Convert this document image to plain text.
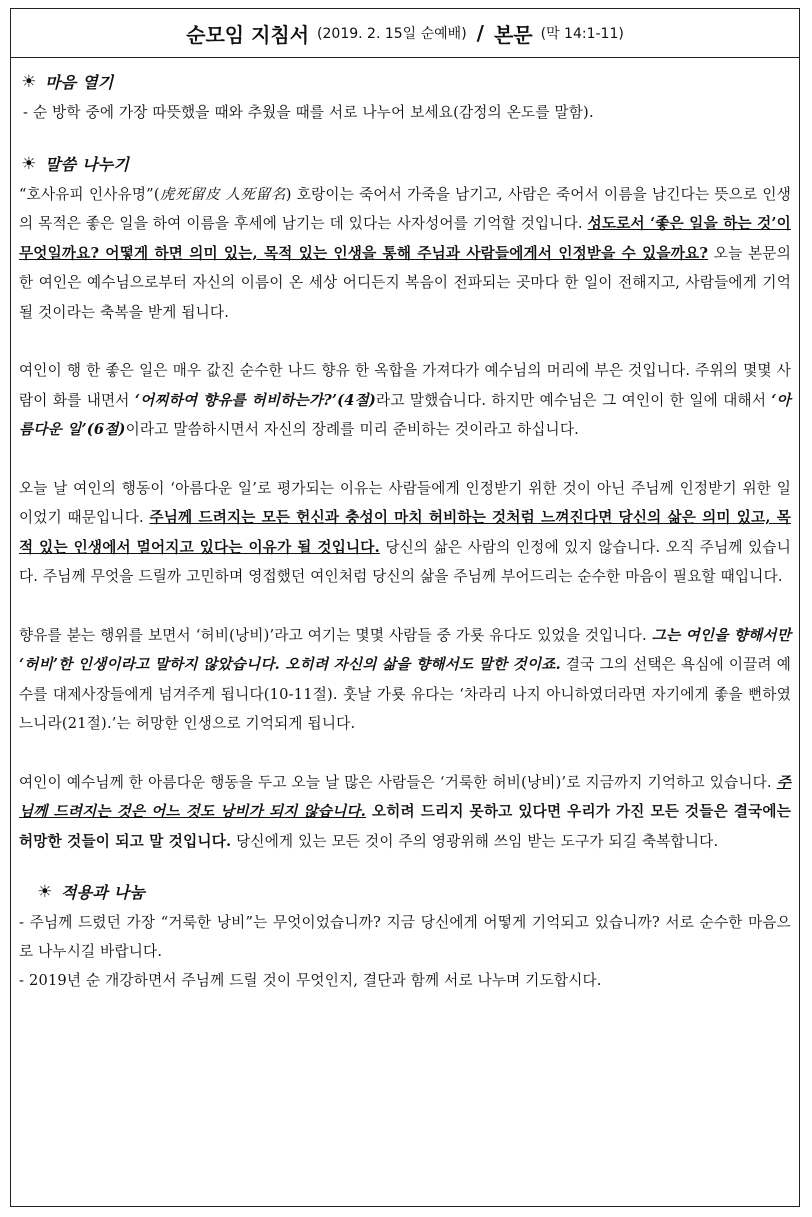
순모임 지침서 (2019. 2. 15일 순예배) / 본문 (막 14:1-11)
☀ 마음 열기

- 순 방학 중에 가장 따뜻했을 때와 추웠을 때를 서로 나누어 보세요(감정의 온도를 말함).

☀ 말씀 나누기

“호사유피 인사유명”(虎死留皮 人死留名) 호랑이는 죽어서 가죽을 남기고, 사람은 죽어서 이름을 남긴다는 뜻으로 인생의 목적은 좋은 일을 하여 이름을 후세에 남기는 데 있다는 사자성어를 기억할 것입니다. 성도로서 ‘좋은 일을 하는 것’이 무엇일까요? 어떻게 하면 의미 있는, 목적 있는 인생을 통해 주님과 사람들에게서 인정받을 수 있을까요? 오늘 본문의 한 여인은 예수님으로부터 자신의 이름이 온 세상 어디든지 복음이 전파되는 곳마다 한 일이 전해지고, 사람들에게 기억 될 것이라는 축복을 받게 됩니다.

여인이 행 한 좋은 일은 매우 값진 순수한 나드 향유 한 옥합을 가져다가 예수님의 머리에 부은 것입니다. 주위의 몇몇 사람이 화를 내면서 ‘어찌하여 향유를 허비하는가?’(4절)라고 말했습니다. 하지만 예수님은 그 여인이 한 일에 대해서 ‘아름다운 일’(6절)이라고 말씀하시면서 자신의 장례를 미리 준비하는 것이라고 하십니다.

오늘 날 여인의 행동이 ‘아름다운 일’로 평가되는 이유는 사람들에게 인정받기 위한 것이 아닌 주님께 인정받기 위한 일이었기 때문입니다. 주님께 드려지는 모든 헌신과 충성이 마치 허비하는 것처럼 느껴진다면 당신의 삶은 의미 있고, 목적 있는 인생에서 멀어지고 있다는 이유가 될 것입니다. 당신의 삶은 사람의 인정에 있지 않습니다. 오직 주님께 있습니다. 주님께 무엇을 드릴까 고민하며 영접했던 여인처럼 당신의 삶을 주님께 부어드리는 순수한 마음이 필요할 때입니다.

향유를 붇는 행위를 보면서 ‘허비(낭비)’라고 여기는 몇몇 사람들 중 가룟 유다도 있었을 것입니다. 그는 여인을 향해서만 ‘허비’한 인생이라고 말하지 않았습니다. 오히려 자신의 삶을 향해서도 말한 것이죠. 결국 그의 선택은 욕심에 이끌려 예수를 대제사장들에게 넘겨주게 됩니다(10-11절). 훗날 가룟 유다는 ‘차라리 나지 아니하였더라면 자기에게 좋을 뻔하였느니라(21절).’는 허망한 인생으로 기억되게 됩니다.

여인이 예수님께 한 아름다운 행동을 두고 오늘 날 많은 사람들은 ‘거룩한 허비(낭비)’로 지금까지 기억하고 있습니다. 주님께 드려지는 것은 어느 것도 낭비가 되지 않습니다. 오히려 드리지 못하고 있다면 우리가 가진 모든 것들은 결국에는 허망한 것들이 되고 말 것입니다. 당신에게 있는 모든 것이 주의 영광위해 쓰임 받는 도구가 되길 축복합니다.

☀ 적용과 나눔

- 주님께 드렸던 가장 “거룩한 낭비”는 무엇이었습니까? 지금 당신에게 어떻게 기억되고 있습니까? 서로 순수한 마음으로 나누시길 바랍니다.

- 2019년 순 개강하면서 주님께 드릴 것이 무엇인지, 결단과 함께 서로 나누며 기도합시다.
